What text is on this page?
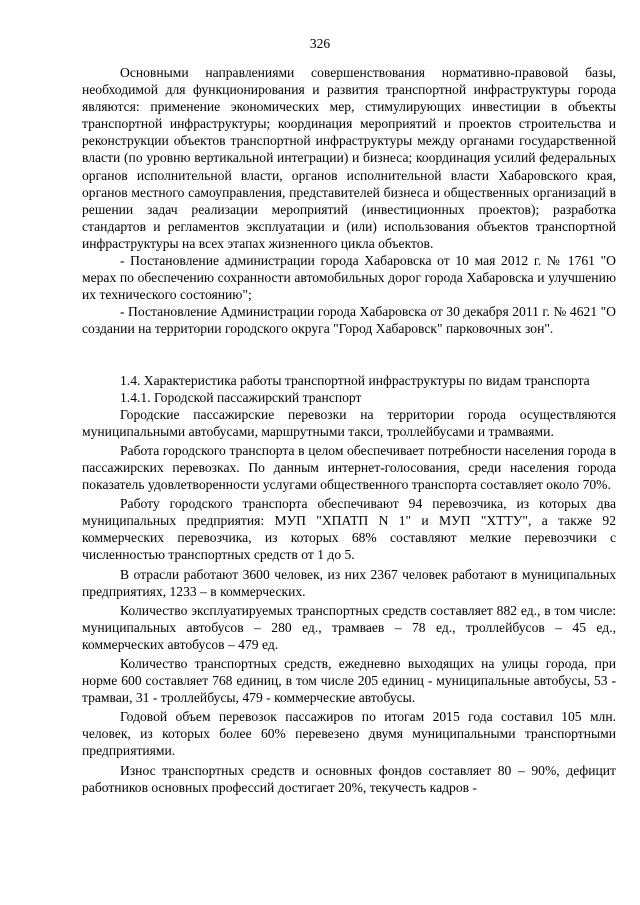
326

Основными направлениями совершенствования нормативно-правовой базы, необходимой для функционирования и развития транспортной инфраструктуры города являются: применение экономических мер, стимулирующих инвестиции в объекты транспортной инфраструктуры; координация мероприятий и проектов строительства и реконструкции объектов транспортной инфраструктуры между органами государственной власти (по уровню вертикальной интеграции) и бизнеса; координация усилий федеральных органов исполнительной власти, органов исполнительной власти Хабаровского края, органов местного самоуправления, представителей бизнеса и общественных организаций в решении задач реализации мероприятий (инвестиционных проектов); разработка стандартов и регламентов эксплуатации и (или) использования объектов транспортной инфраструктуры на всех этапах жизненного цикла объектов.

- Постановление администрации города Хабаровска от 10 мая 2012 г. № 1761 "О мерах по обеспечению сохранности автомобильных дорог города Хабаровска и улучшению их технического состоянию";

- Постановление Администрации города Хабаровска от 30 декабря 2011 г. № 4621 "О создании на территории городского округа "Город Хабаровск" парковочных зон".

1.4. Характеристика работы транспортной инфраструктуры по видам транспорта

1.4.1. Городской пассажирский транспорт

Городские пассажирские перевозки на территории города осуществляются муниципальными автобусами, маршрутными такси, троллейбусами и трамваями.

Работа городского транспорта в целом обеспечивает потребности населения города в пассажирских перевозках. По данным интернет-голосования, среди населения города показатель удовлетворенности услугами общественного транспорта составляет около 70%.

Работу городского транспорта обеспечивают 94 перевозчика, из которых два муниципальных предприятия: МУП "ХПАТП N 1" и МУП "ХТТУ", а также 92 коммерческих перевозчика, из которых 68% составляют мелкие перевозчики с численностью транспортных средств от 1 до 5.

В отрасли работают 3600 человек, из них 2367 человек работают в муниципальных предприятиях, 1233 – в коммерческих.

Количество эксплуатируемых транспортных средств составляет 882 ед., в том числе: муниципальных автобусов – 280 ед., трамваев – 78 ед., троллейбусов – 45 ед., коммерческих автобусов – 479 ед.

Количество транспортных средств, ежедневно выходящих на улицы города, при норме 600 составляет 768 единиц, в том числе 205 единиц - муниципальные автобусы, 53 - трамваи, 31 - троллейбусы, 479 - коммерческие автобусы.

Годовой объем перевозок пассажиров по итогам 2015 года составил 105 млн. человек, из которых более 60% перевезено двумя муниципальными транспортными предприятиями.

Износ транспортных средств и основных фондов составляет 80 – 90%, дефицит работников основных профессий достигает 20%, текучесть кадров -
